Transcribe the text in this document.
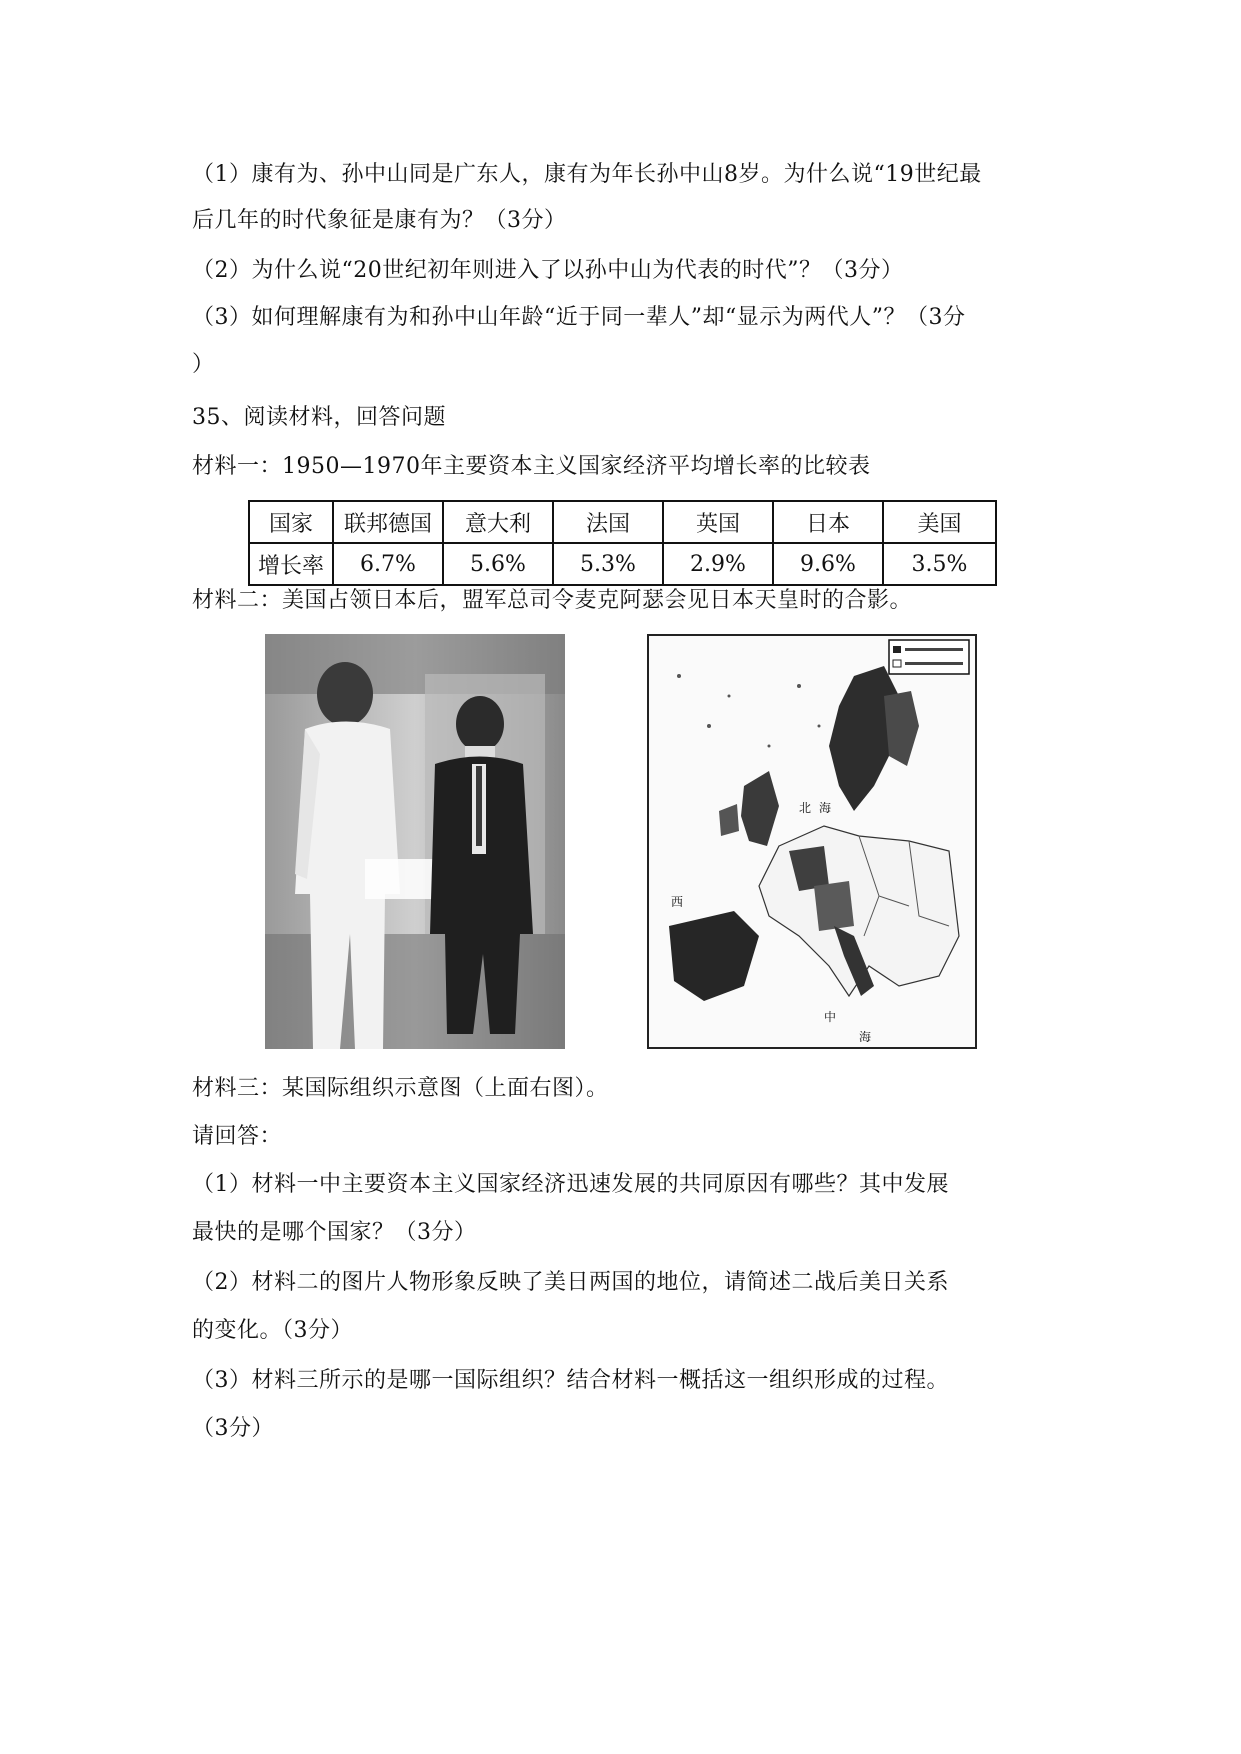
（1）康有为、孙中山同是广东人，康有为年长孙中山8岁。为什么说“19世纪最
后几年的时代象征是康有为？（3分）
（2）为什么说“20世纪初年则进入了以孙中山为代表的时代”？（3分）
（3）如何理解康有为和孙中山年龄“近于同一辈人”却“显示为两代人”？（3分
）
35、阅读材料，回答问题
材料一：1950—1970年主要资本主义国家经济平均增长率的比较表
国家	联邦德国	意大利	法国	英国	日本	美国
增长率	6.7%	5.6%	5.3%	2.9%	9.6%	3.5%
材料二：美国占领日本后，盟军总司令麦克阿瑟会见日本天皇时的合影。
北 海
西
中
海
材料三：某国际组织示意图（上面右图）。
请回答：
（1）材料一中主要资本主义国家经济迅速发展的共同原因有哪些？其中发展
最快的是哪个国家？（3分）
（2）材料二的图片人物形象反映了美日两国的地位，请简述二战后美日关系
的变化。（3分）
（3）材料三所示的是哪一国际组织？结合材料一概括这一组织形成的过程。
（3分）
